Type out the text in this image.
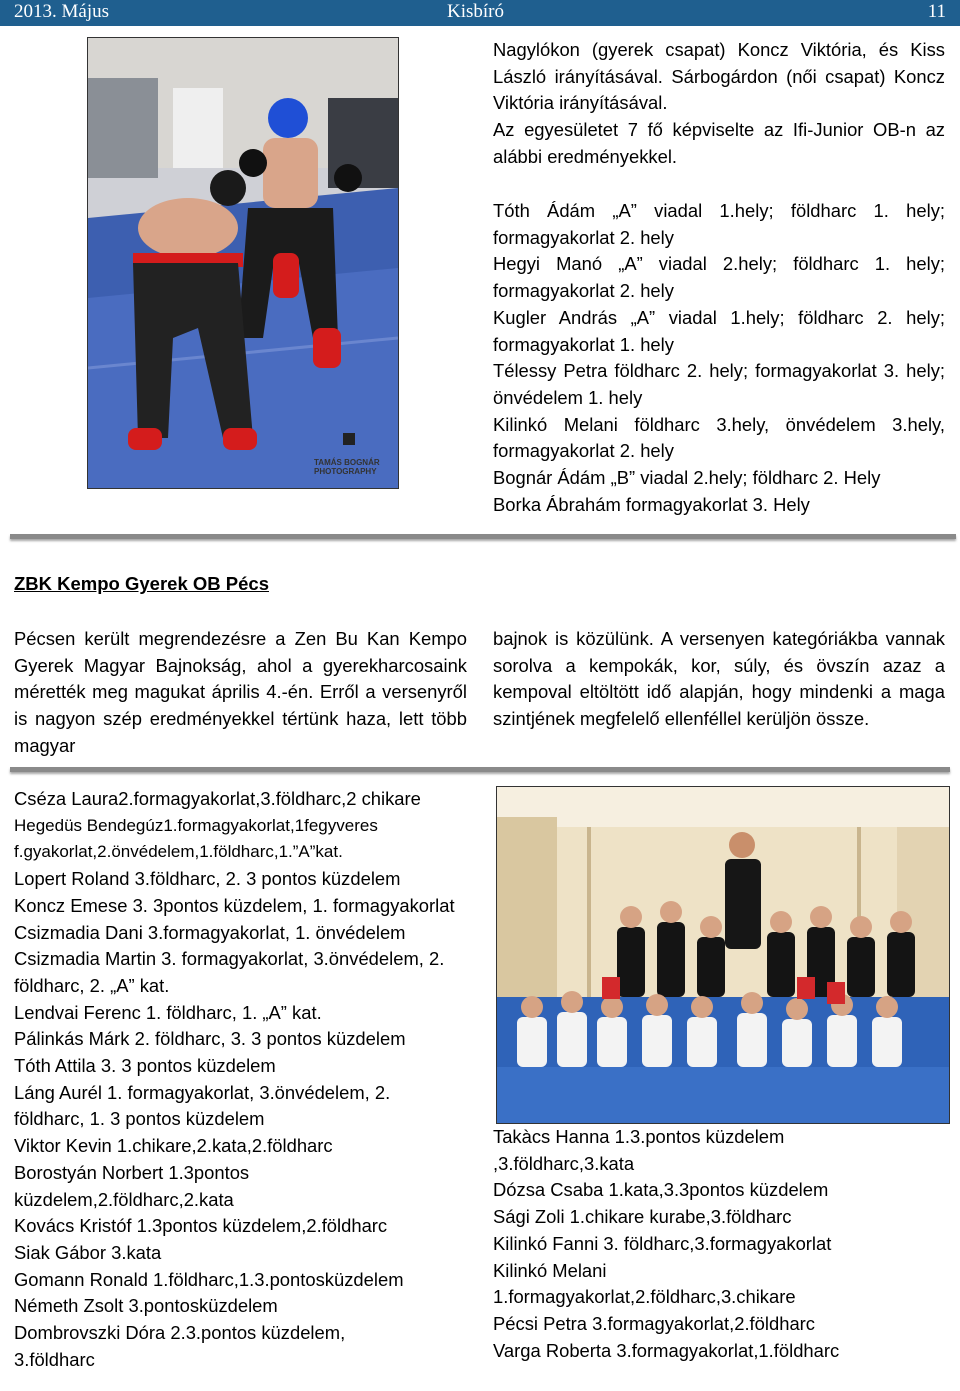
2013. Május	Kisbíró	11
TAMÁS BOGNÁR
PHOTOGRAPHY

Nagylókon (gyerek csapat) Koncz Viktória, és Kiss László irányításával. Sárbogárdon (női csapat) Koncz Viktória irányításával.

Az egyesületet 7 fő képviselte az Ifi-Junior OB-n az alábbi eredményekkel.

Tóth Ádám „A” viadal 1.hely; földharc 1. hely; formagyakorlat 2. hely

Hegyi Manó „A” viadal 2.hely; földharc 1. hely; formagyakorlat 2. hely

Kugler András „A” viadal 1.hely; földharc 2. hely; formagyakorlat 1. hely

Télessy Petra földharc 2. hely; formagyakorlat 3. hely; önvédelem 1. hely

Kilinkó Melani földharc 3.hely, önvédelem 3.hely, formagyakorlat 2. hely

Bognár Ádám „B” viadal 2.hely; földharc 2. Hely

Borka Ábrahám formagyakorlat 3. Hely

ZBK Kempo Gyerek OB Pécs

Pécsen került megrendezésre a Zen Bu Kan Kempo Gyerek Magyar Bajnokság, ahol a gyerekharcosaink mérették meg magukat április 4.-én. Erről a versenyről is nagyon szép eredményekkel tértünk haza, lett több magyar

bajnok is közülünk. A versenyen kategóriákba vannak sorolva a kempokák, kor, súly, és övszín azaz a kempoval eltöltött idő alapján, hogy mindenki a maga szintjének megfelelő ellenféllel kerüljön össze.

Cséza Laura2.formagyakorlat,3.földharc,2 chikare

Hegedüs Bendegúz1.formagyakorlat,1fegyveres f.gyakorlat,2.önvédelem,1.földharc,1.”A”kat.

Lopert Roland 3.földharc, 2. 3 pontos küzdelem

Koncz Emese 3. 3pontos küzdelem, 1. formagyakorlat

Csizmadia Dani 3.formagyakorlat, 1. önvédelem

Csizmadia Martin 3. formagyakorlat, 3.önvédelem, 2. földharc, 2. „A” kat.

Lendvai Ferenc 1. földharc, 1. „A” kat.

Pálinkás Márk 2. földharc, 3. 3 pontos küzdelem

Tóth Attila 3. 3 pontos küzdelem

Láng Aurél 1. formagyakorlat, 3.önvédelem, 2. földharc, 1. 3 pontos küzdelem

Viktor Kevin 1.chikare,2.kata,2.földharc

Borostyán Norbert 1.3pontos küzdelem,2.földharc,2.kata

Kovács Kristóf 1.3pontos küzdelem,2.földharc

Siak Gábor 3.kata

Gomann Ronald 1.földharc,1.3.pontosküzdelem

Németh Zsolt 3.pontosküzdelem

Dombrovszki Dóra 2.3.pontos küzdelem, 3.földharc

Takàcs Hanna 1.3.pontos küzdelem ,3.földharc,3.kata

Dózsa Csaba 1.kata,3.3pontos küzdelem

Sági Zoli 1.chikare kurabe,3.földharc

Kilinkó Fanni 3. földharc,3.formagyakorlat

Kilinkó Melani 1.formagyakorlat,2.földharc,3.chikare

Pécsi Petra 3.formagyakorlat,2.földharc

Varga Roberta 3.formagyakorlat,1.földharc
